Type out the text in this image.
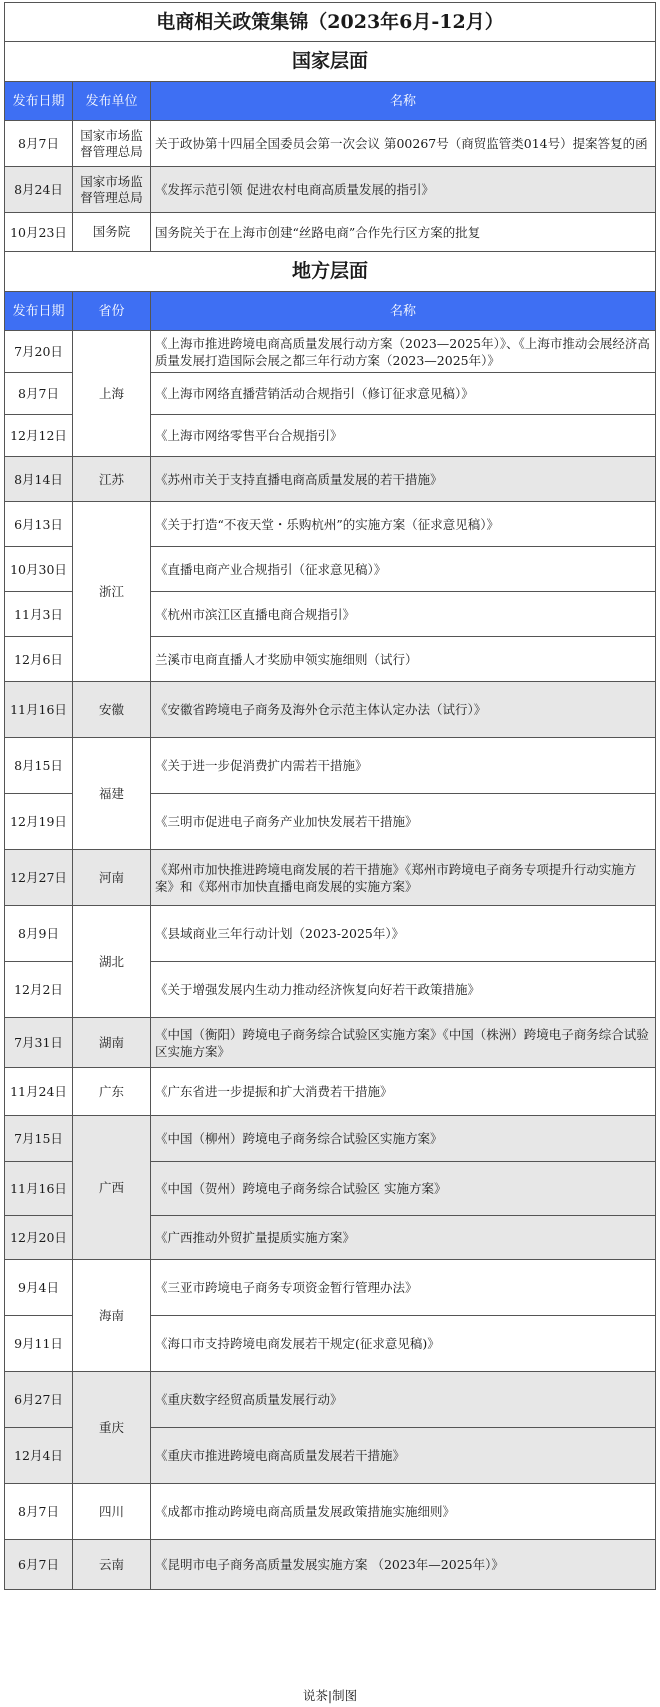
电商相关政策集锦（2023年6月-12月）		
国家层面		
发布日期	发布单位	名称
8月7日	国家市场监督管理总局	关于政协第十四届全国委员会第一次会议 第00267号（商贸监管类014号）提案答复的函
8月24日	国家市场监督管理总局	《发挥示范引领 促进农村电商高质量发展的指引》
10月23日	国务院	国务院关于在上海市创建“丝路电商”合作先行区方案的批复
地方层面		
发布日期	省份	名称
7月20日	上海	《上海市推进跨境电商高质量发展行动方案（2023—2025年）》、《上海市推动会展经济高质量发展打造国际会展之都三年行动方案（2023—2025年）》
8月7日		《上海市网络直播营销活动合规指引（修订征求意见稿）》
12月12日		《上海市网络零售平台合规指引》
8月14日	江苏	《苏州市关于支持直播电商高质量发展的若干措施》
6月13日	浙江	《关于打造“不夜天堂・乐购杭州”的实施方案（征求意见稿）》
10月30日		《直播电商产业合规指引（征求意见稿）》
11月3日		《杭州市滨江区直播电商合规指引》
12月6日		兰溪市电商直播人才奖励申领实施细则（试行）
11月16日	安徽	《安徽省跨境电子商务及海外仓示范主体认定办法（试行）》
8月15日	福建	《关于进一步促消费扩内需若干措施》
12月19日		《三明市促进电子商务产业加快发展若干措施》
12月27日	河南	《郑州市加快推进跨境电商发展的若干措施》《郑州市跨境电子商务专项提升行动实施方案》和《郑州市加快直播电商发展的实施方案》
8月9日	湖北	《县域商业三年行动计划（2023-2025年）》
12月2日		《关于增强发展内生动力推动经济恢复向好若干政策措施》
7月31日	湖南	《中国（衡阳）跨境电子商务综合试验区实施方案》《中国（株洲）跨境电子商务综合试验区实施方案》
11月24日	广东	《广东省进一步提振和扩大消费若干措施》
7月15日	广西	《中国（柳州）跨境电子商务综合试验区实施方案》
11月16日		《中国（贺州）跨境电子商务综合试验区 实施方案》
12月20日		《广西推动外贸扩量提质实施方案》
9月4日	海南	《三亚市跨境电子商务专项资金暂行管理办法》
9月11日		《海口市支持跨境电商发展若干规定(征求意见稿)》
6月27日	重庆	《重庆数字经贸高质量发展行动》
12月4日		《重庆市推进跨境电商高质量发展若干措施》
8月7日	四川	《成都市推动跨境电商高质量发展政策措施实施细则》
6月7日	云南	《昆明市电子商务高质量发展实施方案 （2023年—2025年）》
说茶|制图
